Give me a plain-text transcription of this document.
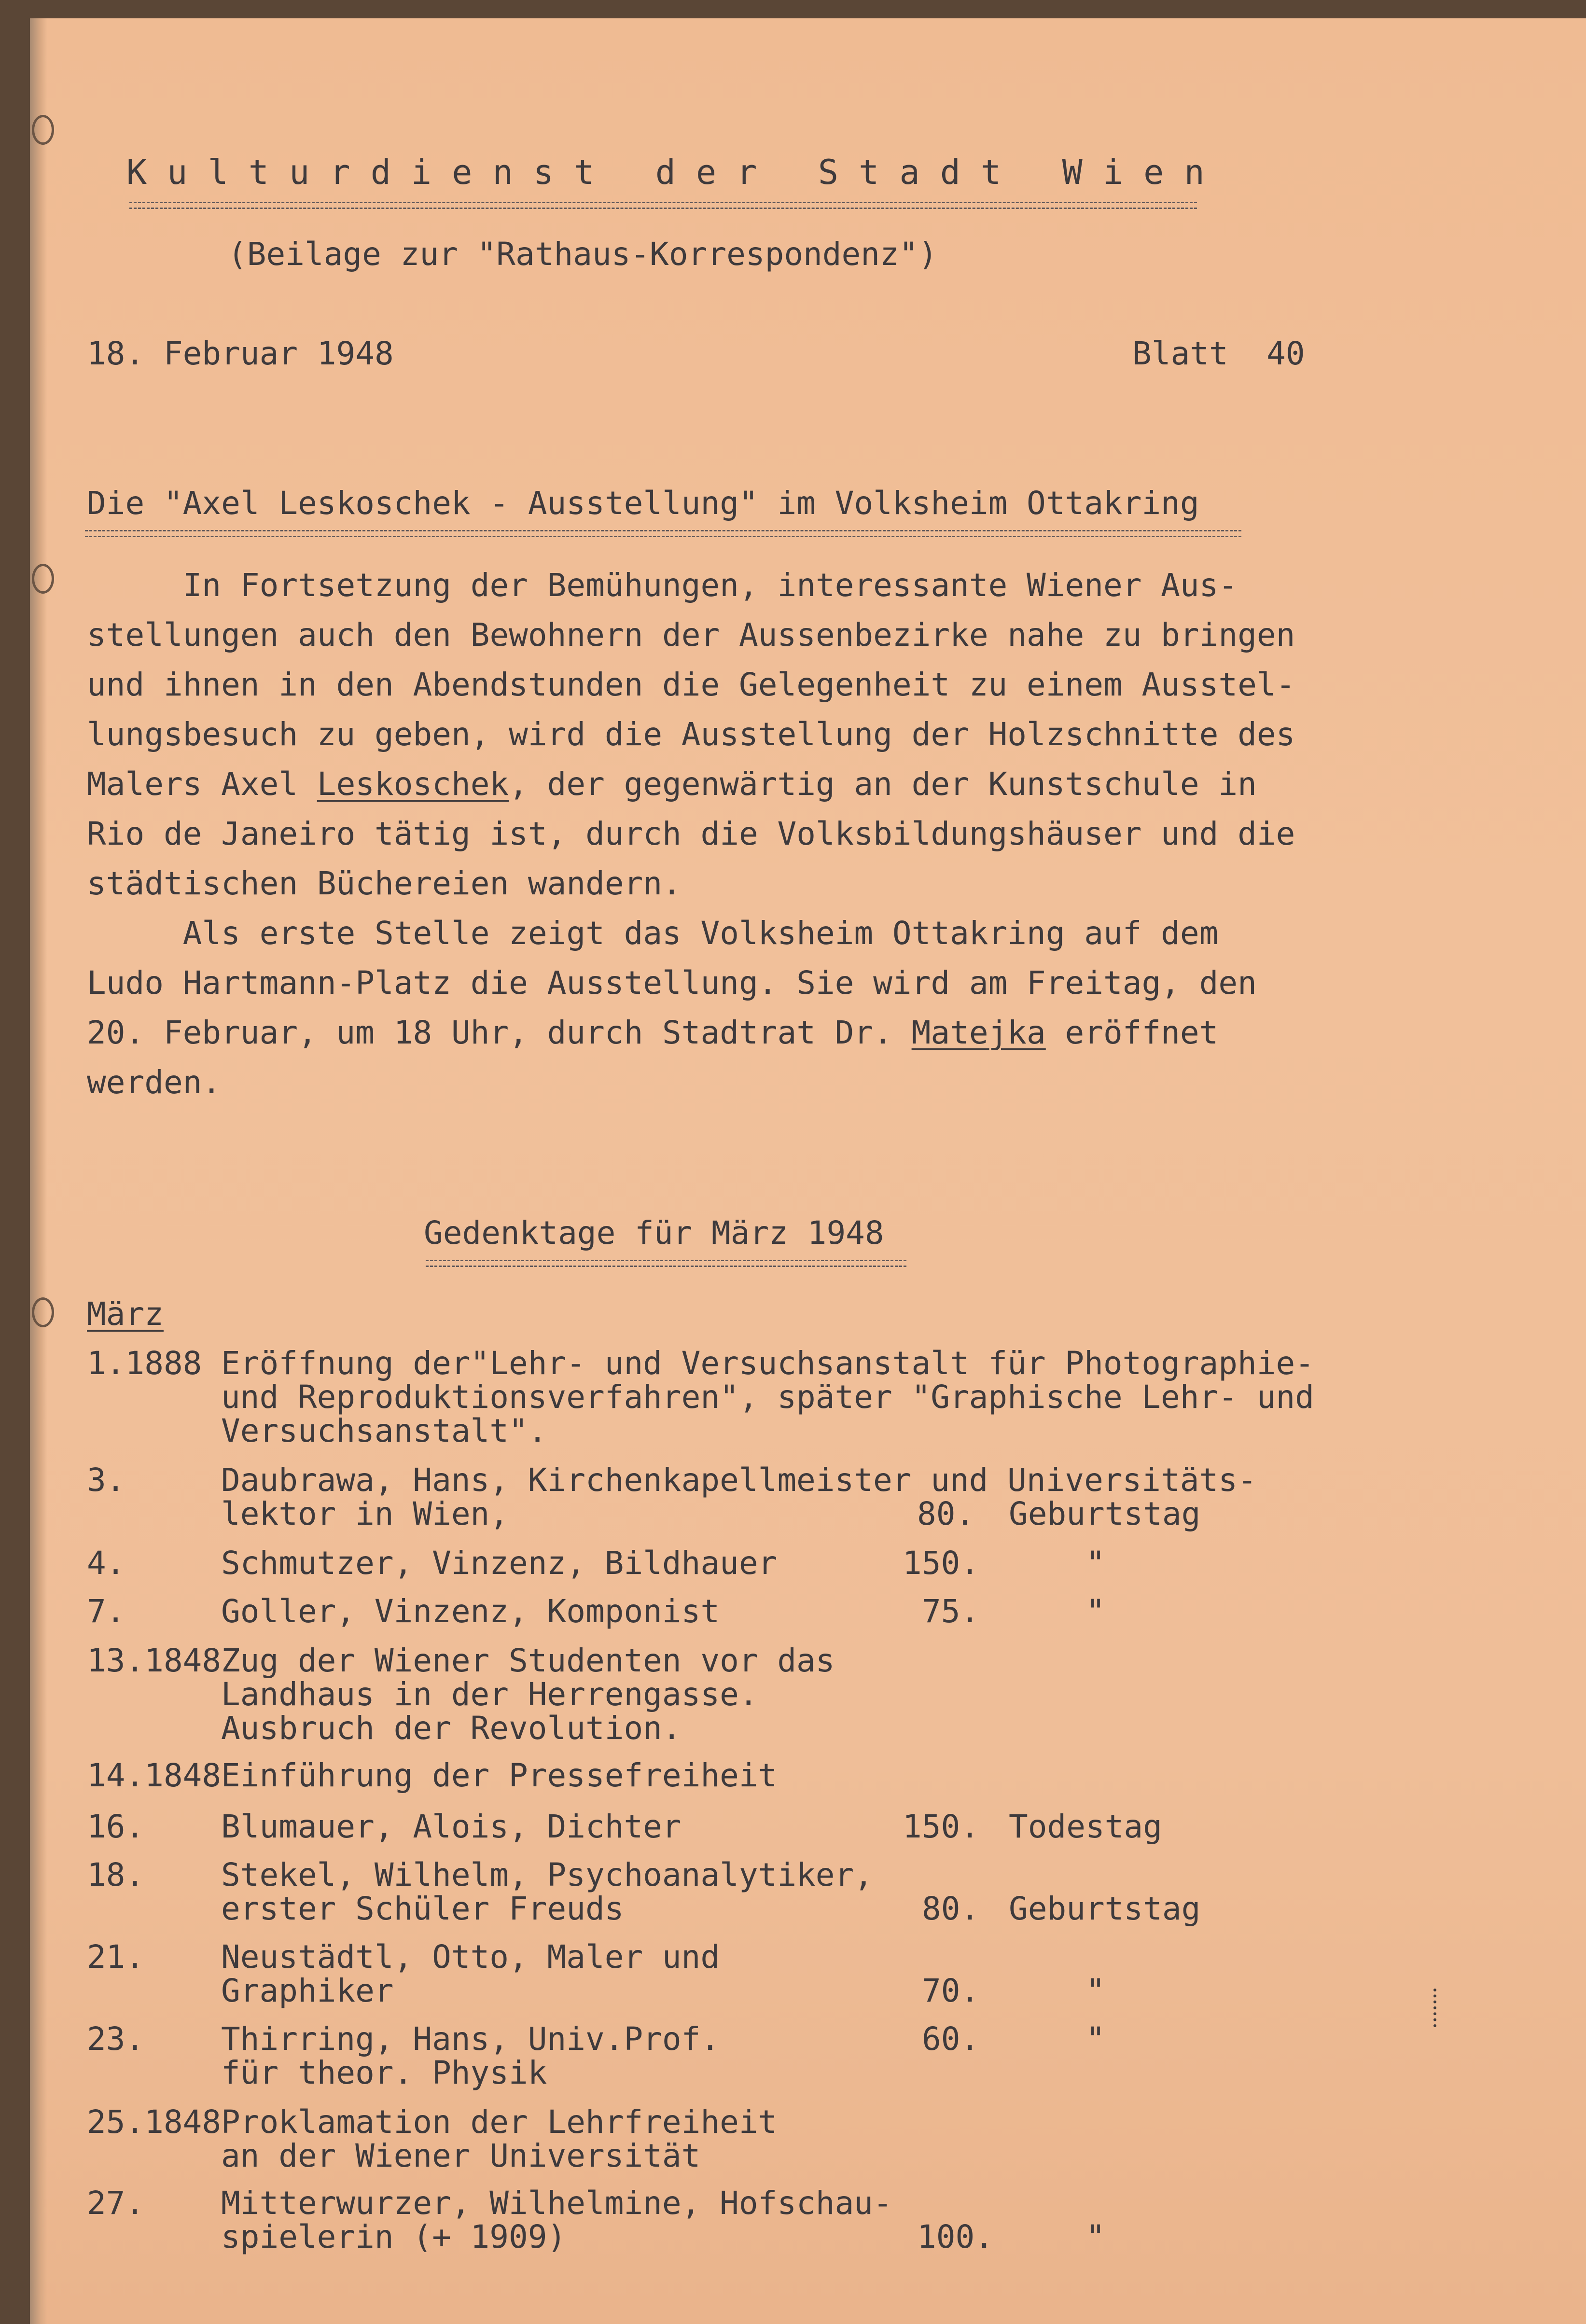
K u l t u r d i e n s t   d e r   S t a d t   W i e n
(Beilage zur "Rathaus-Korrespondenz")
18. Februar 1948	Blatt  40
Die "Axel Leskoschek - Ausstellung" im Volksheim Ottakring
In Fortsetzung der Bemühungen, interessante Wiener Aus-
stellungen auch den Bewohnern der Aussenbezirke nahe zu bringen
und ihnen in den Abendstunden die Gelegenheit zu einem Ausstel-
lungsbesuch zu geben, wird die Ausstellung der Holzschnitte des
Malers Axel Leskoschek, der gegenwärtig an der Kunstschule in
Rio de Janeiro tätig ist, durch die Volksbildungshäuser und die
städtischen Büchereien wandern.
Als erste Stelle zeigt das Volksheim Ottakring auf dem
Ludo Hartmann-Platz die Ausstellung. Sie wird am Freitag, den
20. Februar, um 18 Uhr, durch Stadtrat Dr. Matejka eröffnet
werden.
Gedenktage für März 1948
März
1.1888 Eröffnung der"Lehr- und Versuchsanstalt für Photographie-
und Reproduktionsverfahren", später "Graphische Lehr- und
Versuchsanstalt".
3.	Daubrawa, Hans, Kirchenkapellmeister und Universitäts-
lektor in Wien,	80. Geburtstag
4.	Schmutzer, Vinzenz, Bildhauer	150.	"
7.	Goller, Vinzenz, Komponist	75.	"
13.1848 Zug der Wiener Studenten vor das
Landhaus in der Herrengasse.
Ausbruch der Revolution.
14.1848 Einführung der Pressefreiheit
16. Blumauer, Alois, Dichter	150. Todestag
18. Stekel, Wilhelm, Psychoanalytiker,
erster Schüler Freuds	80. Geburtstag
21. Neustädtl, Otto, Maler und
Graphiker	70.	"
23. Thirring, Hans, Univ.Prof.
für theor. Physik
60.	"
25.1848 Proklamation der Lehrfreiheit
an der Wiener Universität
27. Mitterwurzer, Wilhelmine, Hofschau-
spielerin (+ 1909)	100.	"
